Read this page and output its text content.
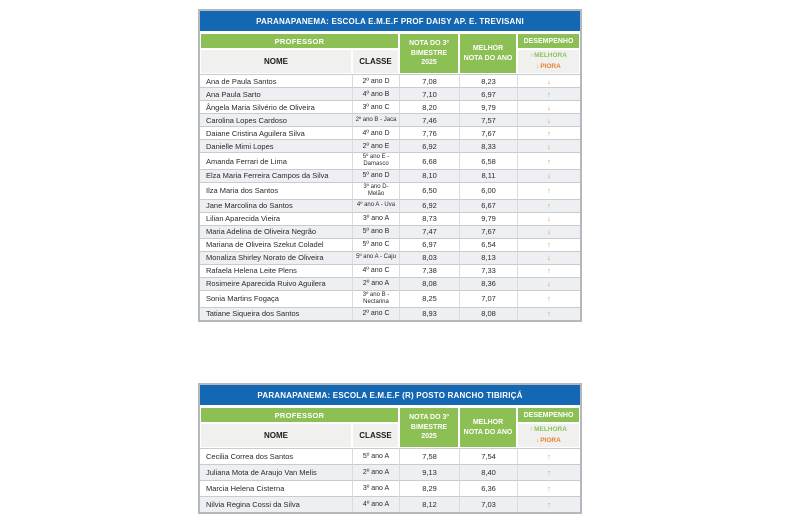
PARANAPANEMA: ESCOLA E.M.E.F PROF DAISY AP. E. TREVISANI
PROFESSOR		NOTA DO 3º BIMESTRE 2025	MELHOR NOTA DO ANO	DESEMPENHO
NOME	CLASSE			↑MELHORA
↓PIORA

Ana de Paula Santos	2º ano D	7,08	8,23	↓
Ana Paula Sarto	4º ano B	7,10	6,97	↑
Ângela Maria Silvério de Oliveira	3º ano C	8,20	9,79	↓
Carolina Lopes Cardoso	2º ano B - Jaca	7,46	7,57	↓
Daiane Cristina Aguilera Silva	4º ano D	7,76	7,67	↑
Danielle Mimi Lopes	2º ano E	6,92	8,33	↓
Amanda Ferrari de Lima	5º ano E - Damasco	6,68	6,58	↑
Elza Maria Ferreira Campos da Silva	5º ano D	8,10	8,11	↓
Ilza Maria dos Santos	3º ano D- Melão	6,50	6,00	↑
Jane Marcolina do Santos	4º ano A - Uva	6,92	6,67	↑
Lilian Aparecida Vieira	3º ano A	8,73	9,79	↓
Maria Adelina de Oliveira Negrão	5º ano B	7,47	7,67	↓
Mariana de Oliveira Szekut Coladel	5º ano C	6,97	6,54	↑
Monaliza Shirley Norato de Oliveira	5º ano A - Caju	8,03	8,13	↓
Rafaela Helena Leite Plens	4º ano C	7,38	7,33	↑
Rosimeire Aparecida Ruivo Aguilera	2º ano A	8,08	8,36	↓
Sonia Martins Fogaça	3º ano B - Nectarina	8,25	7,07	↑
Tatiane Siqueira dos Santos	2º ano C	8,93	8,08	↑
PARANAPANEMA: ESCOLA E.M.E.F (R) POSTO RANCHO TIBIRIÇÁ
PROFESSOR		NOTA DO 3º BIMESTRE 2025	MELHOR NOTA DO ANO	DESEMPENHO
NOME	CLASSE			↑MELHORA
↓PIORA

Cecilia Correa dos Santos	5º ano A	7,58	7,54	↑
Juliana Mota de Araujo Van Melis	2º ano A	9,13	8,40	↑
Marcia Helena Cisterna	3º ano A	8,29	6,36	↑
Nilvia Regina Cossi da Silva	4º ano A	8,12	7,03	↑
